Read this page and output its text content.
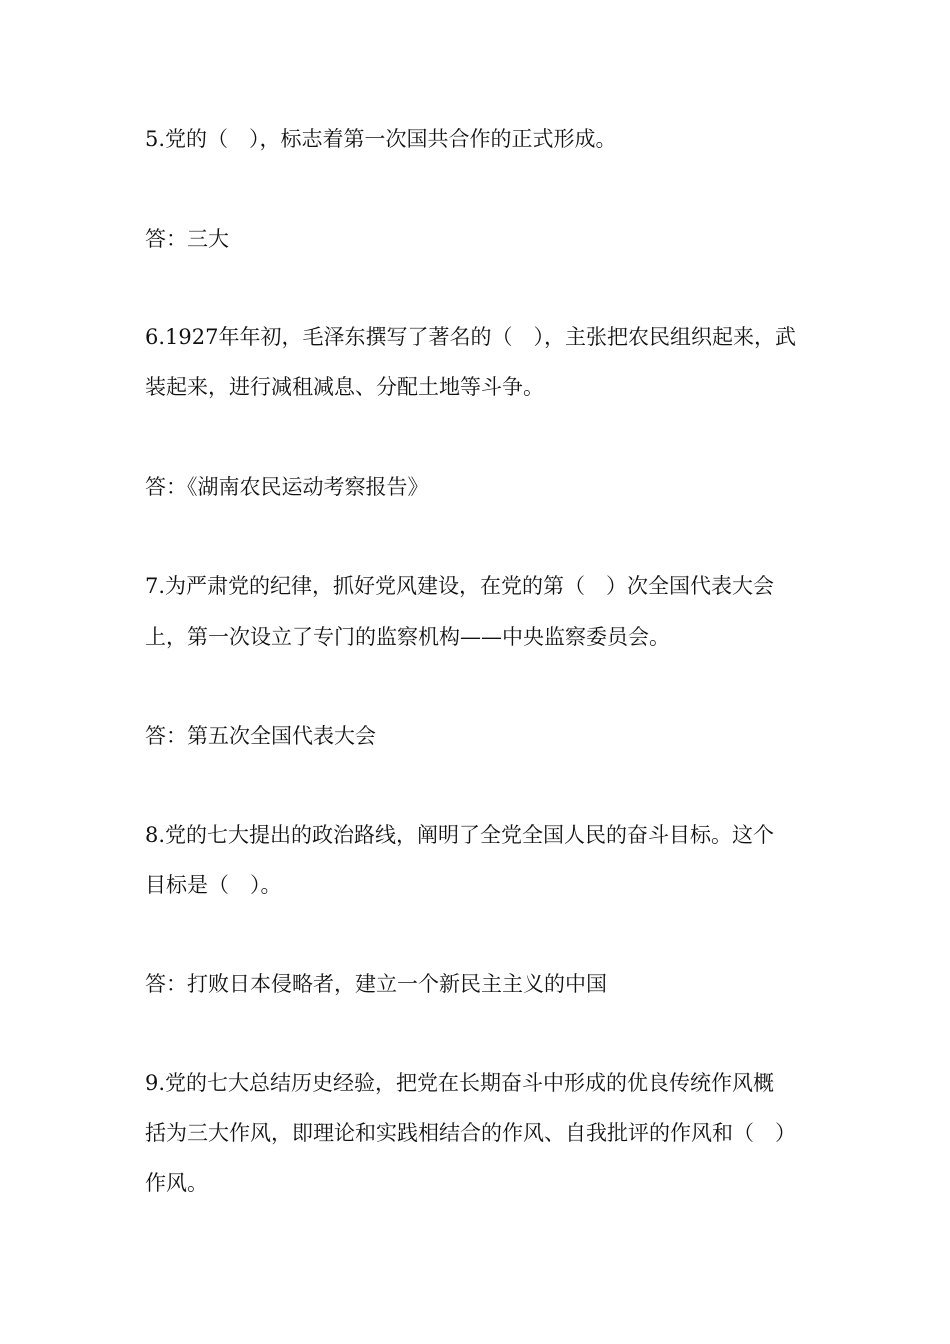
5.党的（　），标志着第一次国共合作的正式形成。
答：三大
6.1927年年初，毛泽东撰写了著名的（　），主张把农民组织起来，武
装起来，进行减租减息、分配土地等斗争。
答：《湖南农民运动考察报告》
7.为严肃党的纪律，抓好党风建设，在党的第（　）次全国代表大会
上，第一次设立了专门的监察机构——中央监察委员会。
答：第五次全国代表大会
8.党的七大提出的政治路线，阐明了全党全国人民的奋斗目标。这个
目标是（　）。
答：打败日本侵略者，建立一个新民主主义的中国
9.党的七大总结历史经验，把党在长期奋斗中形成的优良传统作风概
括为三大作风，即理论和实践相结合的作风、自我批评的作风和（　）
作风。
